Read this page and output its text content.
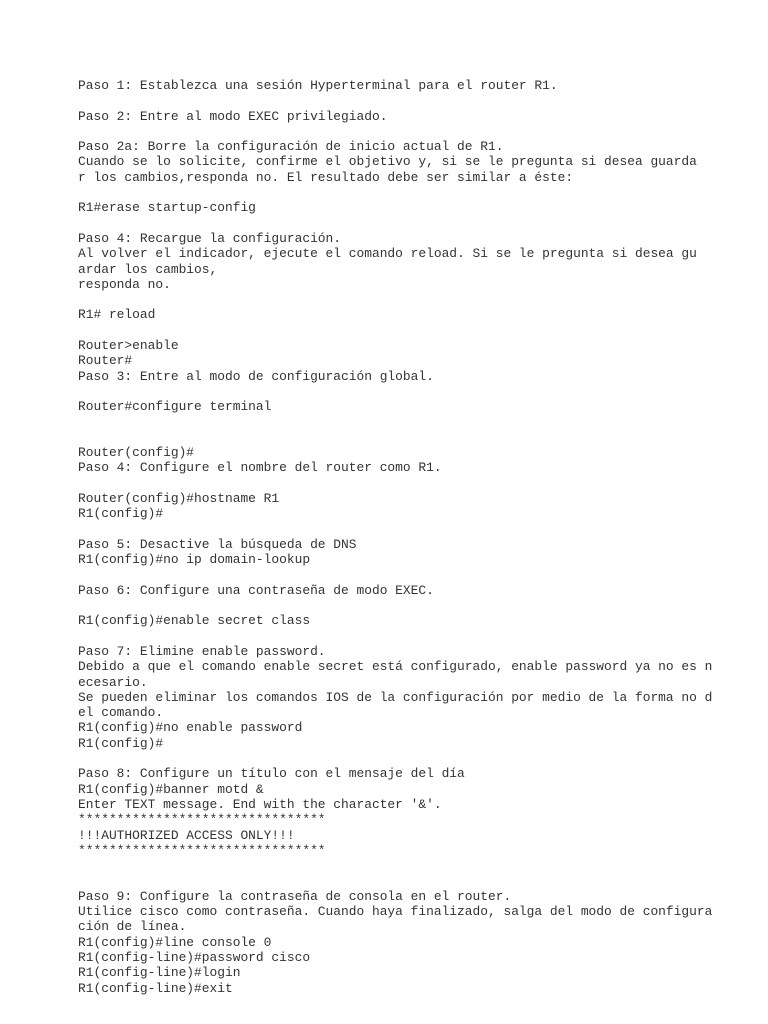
Paso 1: Establezca una sesión Hyperterminal para el router R1.
Paso 2: Entre al modo EXEC privilegiado.
Paso 2a: Borre la configuración de inicio actual de R1.
Cuando se lo solicite, confirme el objetivo y, si se le pregunta si desea guarda
r los cambios,responda no. El resultado debe ser similar a éste:
R1#erase startup-config
Paso 4: Recargue la configuración.
Al volver el indicador, ejecute el comando reload. Si se le pregunta si desea gu
ardar los cambios,
responda no.
R1# reload
Router>enable
Router#
Paso 3: Entre al modo de configuración global.
Router#configure terminal
Router(config)#
Paso 4: Configure el nombre del router como R1.
Router(config)#hostname R1
R1(config)#
Paso 5: Desactive la búsqueda de DNS
R1(config)#no ip domain-lookup
Paso 6: Configure una contraseña de modo EXEC.
R1(config)#enable secret class
Paso 7: Elimine enable password.
Debido a que el comando enable secret está configurado, enable password ya no es n
ecesario.
Se pueden eliminar los comandos IOS de la configuración por medio de la forma no d
el comando.
R1(config)#no enable password
R1(config)#
Paso 8: Configure un título con el mensaje del día
R1(config)#banner motd &
Enter TEXT message. End with the character '&'.
********************************
!!!AUTHORIZED ACCESS ONLY!!!
********************************
Paso 9: Configure la contraseña de consola en el router.
Utilice cisco como contraseña. Cuando haya finalizado, salga del modo de configura
ción de línea.
R1(config)#line console 0
R1(config-line)#password cisco
R1(config-line)#login
R1(config-line)#exit
